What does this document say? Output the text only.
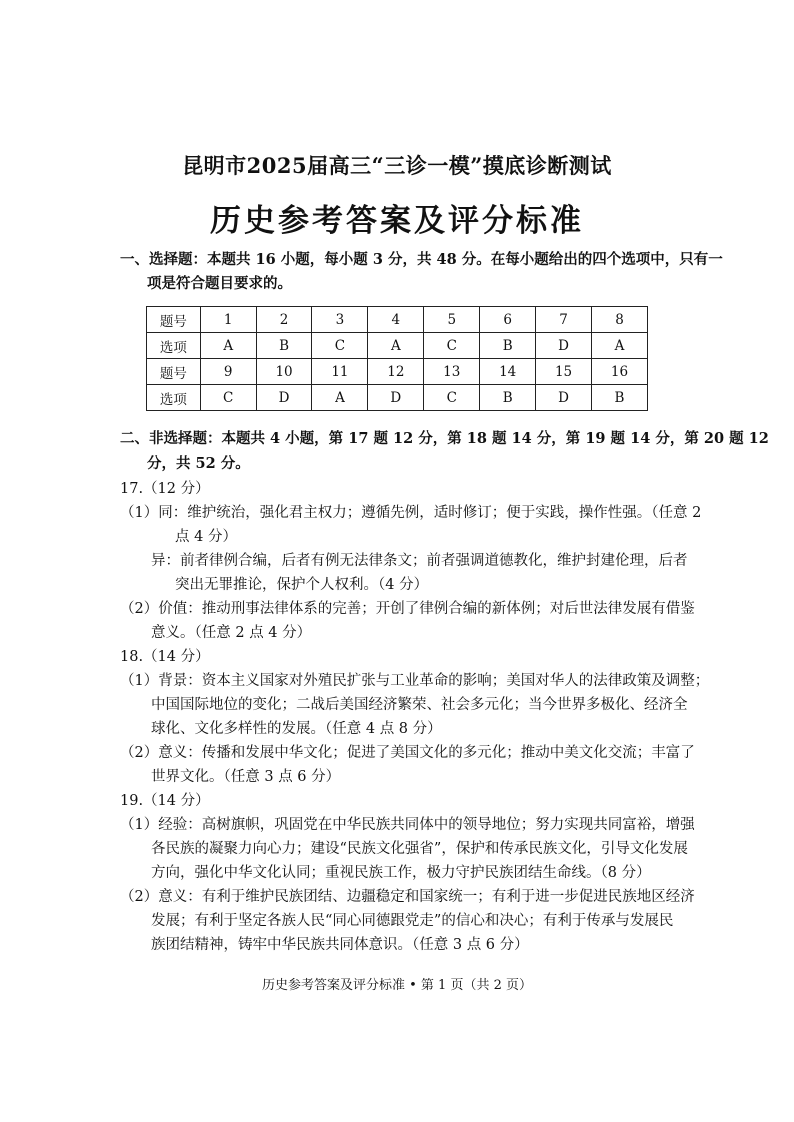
昆明市2025届高三“三诊一模”摸底诊断测试
历史参考答案及评分标准
一、选择题：本题共 16 小题，每小题 3 分，共 48 分。在每小题给出的四个选项中，只有一
项是符合题目要求的。
题号	1	2	3	4	5	6	7	8
选项	A	B	C	A	C	B	D	A
题号	9	10	11	12	13	14	15	16
选项	C	D	A	D	C	B	D	B
二、非选择题：本题共 4 小题，第 17 题 12 分，第 18 题 14 分，第 19 题 14 分，第 20 题 12
分，共 52 分。
17.（12 分）
（1）同：维护统治，强化君主权力；遵循先例，适时修订；便于实践，操作性强。（任意 2
点 4 分）
异：前者律例合编，后者有例无法律条文；前者强调道德教化，维护封建伦理，后者
突出无罪推论，保护个人权利。（4 分）
（2）价值：推动刑事法律体系的完善；开创了律例合编的新体例；对后世法律发展有借鉴
意义。（任意 2 点 4 分）
18.（14 分）
（1）背景：资本主义国家对外殖民扩张与工业革命的影响；美国对华人的法律政策及调整；
中国国际地位的变化；二战后美国经济繁荣、社会多元化；当今世界多极化、经济全
球化、文化多样性的发展。（任意 4 点 8 分）
（2）意义：传播和发展中华文化；促进了美国文化的多元化；推动中美文化交流；丰富了
世界文化。（任意 3 点 6 分）
19.（14 分）
（1）经验：高树旗帜，巩固党在中华民族共同体中的领导地位；努力实现共同富裕，增强
各民族的凝聚力向心力；建设“民族文化强省”，保护和传承民族文化，引导文化发展
方向，强化中华文化认同；重视民族工作，极力守护民族团结生命线。（8 分）
（2）意义：有利于维护民族团结、边疆稳定和国家统一；有利于进一步促进民族地区经济
发展；有利于坚定各族人民“同心同德跟党走”的信心和决心；有利于传承与发展民
族团结精神，铸牢中华民族共同体意识。（任意 3 点 6 分）
历史参考答案及评分标准 • 第 1 页（共 2 页）
